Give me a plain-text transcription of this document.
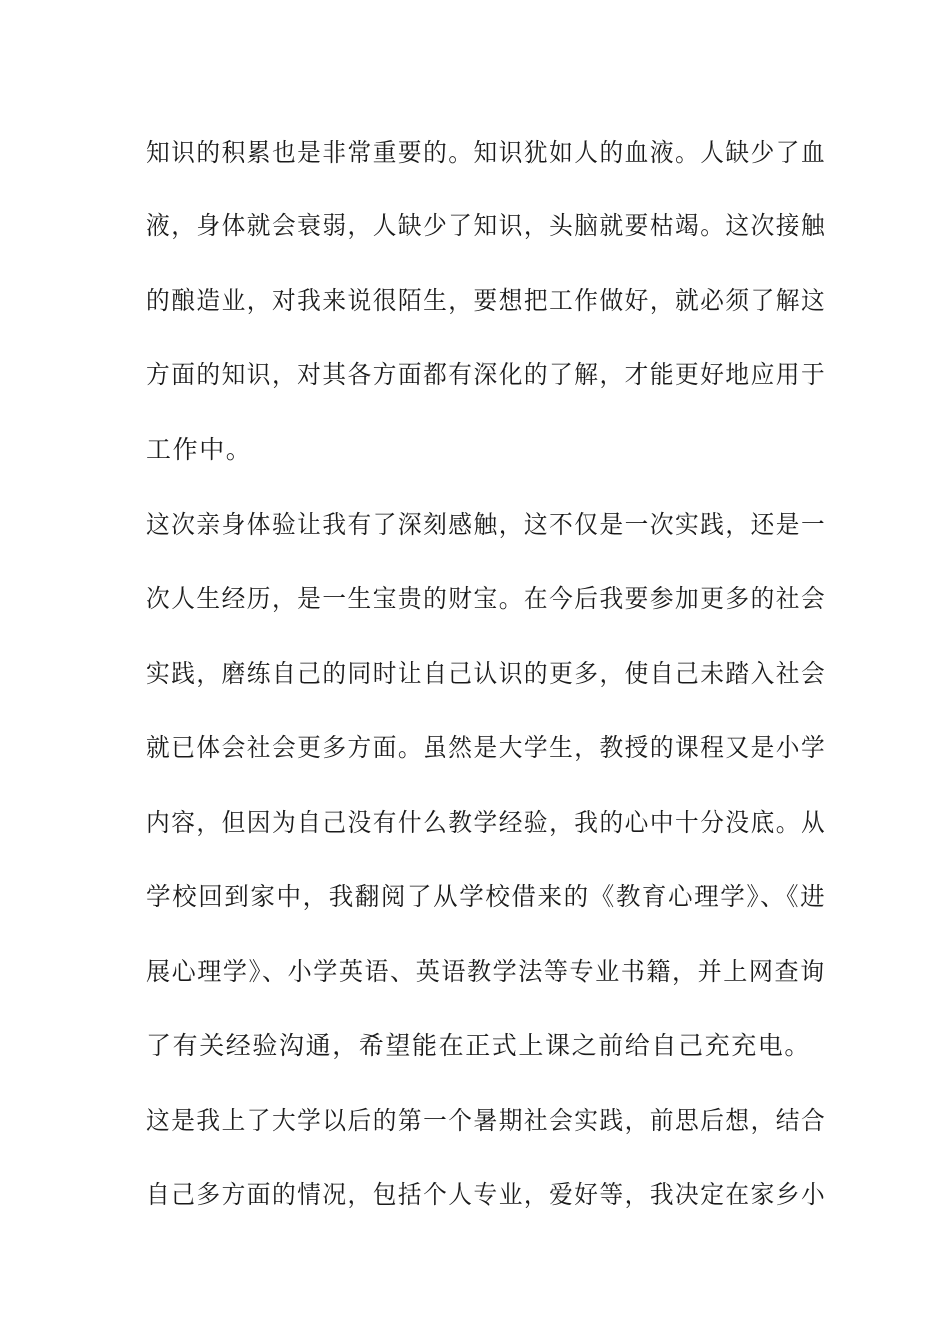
知识的积累也是非常重要的。知识犹如人的血液。人缺少了血
液，身体就会衰弱，人缺少了知识，头脑就要枯竭。这次接触
的酿造业，对我来说很陌生，要想把工作做好，就必须了解这
方面的知识，对其各方面都有深化的了解，才能更好地应用于
工作中。
这次亲身体验让我有了深刻感触，这不仅是一次实践，还是一
次人生经历，是一生宝贵的财宝。在今后我要参加更多的社会
实践，磨练自己的同时让自己认识的更多，使自己未踏入社会
就已体会社会更多方面。虽然是大学生，教授的课程又是小学
内容，但因为自己没有什么教学经验，我的心中十分没底。从
学校回到家中，我翻阅了从学校借来的《教育心理学》、《进
展心理学》、小学英语、英语教学法等专业书籍，并上网查询
了有关经验沟通，希望能在正式上课之前给自己充充电。
这是我上了大学以后的第一个暑期社会实践，前思后想，结合
自己多方面的情况，包括个人专业，爱好等，我决定在家乡小
